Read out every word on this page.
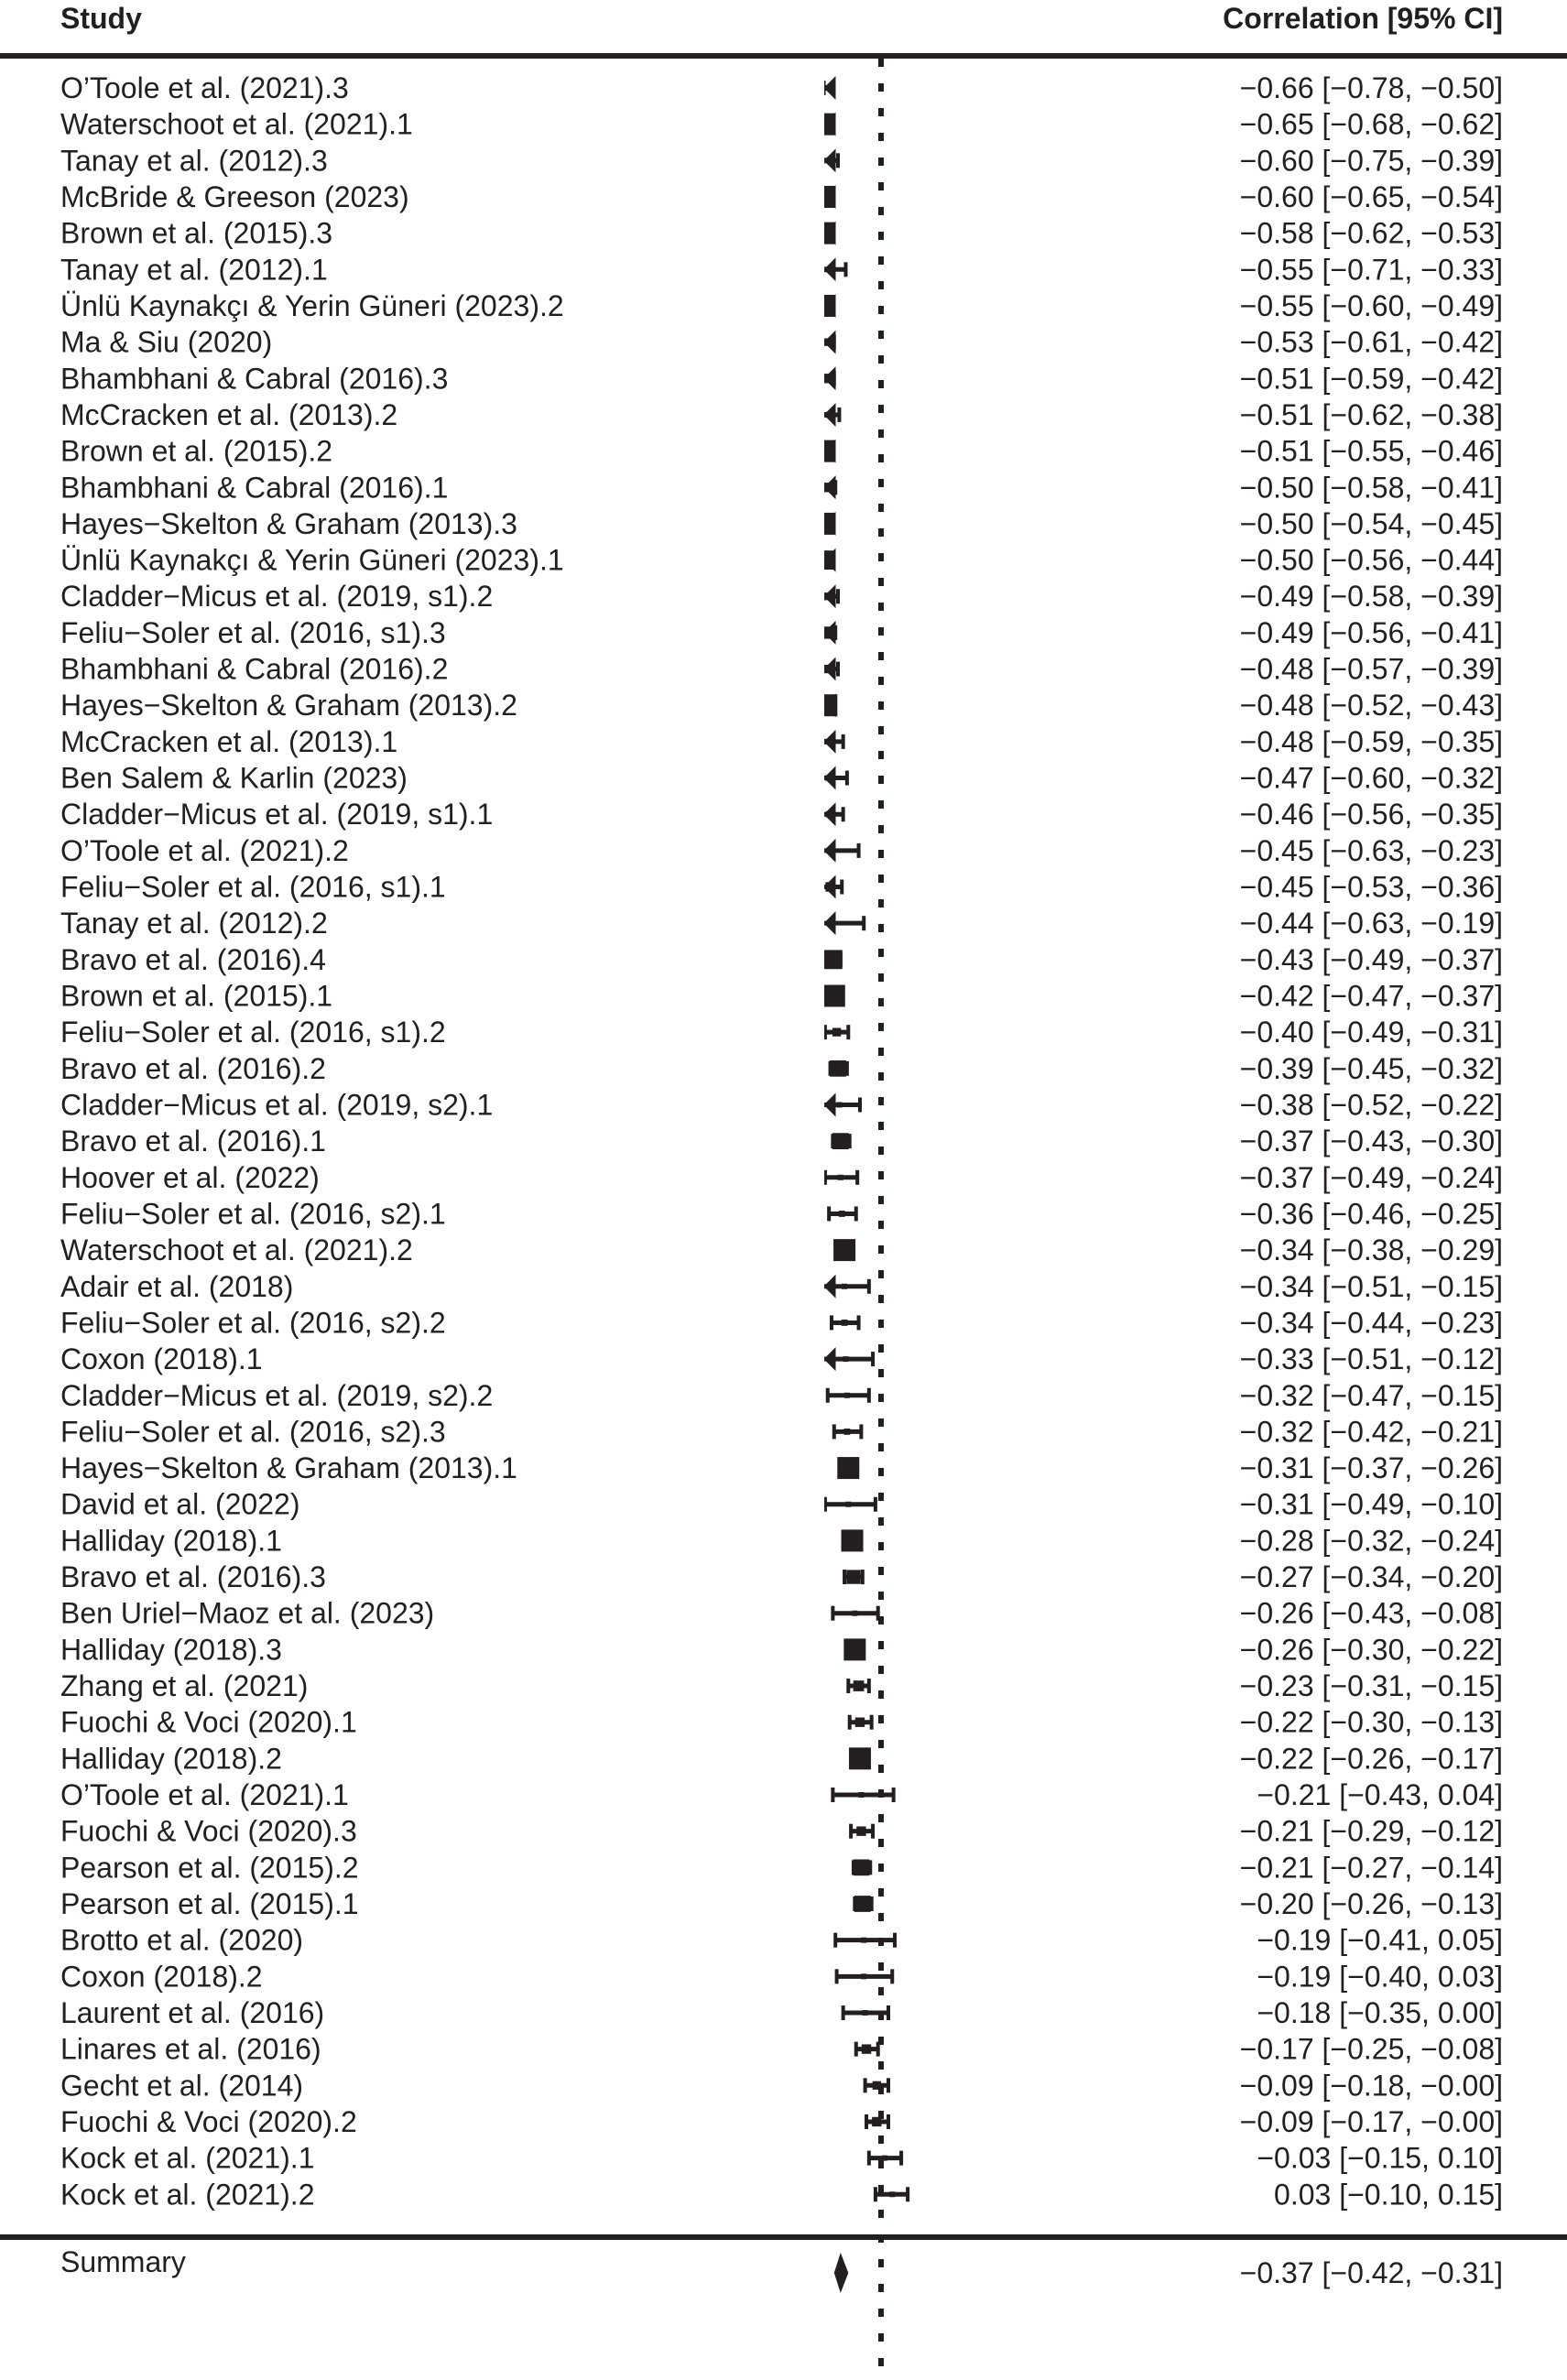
Study	Correlation [95% CI]
O’Toole et al. (2021).3	−0.66 [−0.78, −0.50]
Waterschoot et al. (2021).1	−0.65 [−0.68, −0.62]
Tanay et al. (2012).3	−0.60 [−0.75, −0.39]
McBride & Greeson (2023)	−0.60 [−0.65, −0.54]
Brown et al. (2015).3	−0.58 [−0.62, −0.53]
Tanay et al. (2012).1	−0.55 [−0.71, −0.33]
Ünlü Kaynakçı & Yerin Güneri (2023).2	−0.55 [−0.60, −0.49]
Ma & Siu (2020)	−0.53 [−0.61, −0.42]
Bhambhani & Cabral (2016).3	−0.51 [−0.59, −0.42]
McCracken et al. (2013).2	−0.51 [−0.62, −0.38]
Brown et al. (2015).2	−0.51 [−0.55, −0.46]
Bhambhani & Cabral (2016).1	−0.50 [−0.58, −0.41]
Hayes−Skelton & Graham (2013).3	−0.50 [−0.54, −0.45]
Ünlü Kaynakçı & Yerin Güneri (2023).1	−0.50 [−0.56, −0.44]
Cladder−Micus et al. (2019, s1).2	−0.49 [−0.58, −0.39]
Feliu−Soler et al. (2016, s1).3	−0.49 [−0.56, −0.41]
Bhambhani & Cabral (2016).2	−0.48 [−0.57, −0.39]
Hayes−Skelton & Graham (2013).2	−0.48 [−0.52, −0.43]
McCracken et al. (2013).1	−0.48 [−0.59, −0.35]
Ben Salem & Karlin (2023)	−0.47 [−0.60, −0.32]
Cladder−Micus et al. (2019, s1).1	−0.46 [−0.56, −0.35]
O’Toole et al. (2021).2	−0.45 [−0.63, −0.23]
Feliu−Soler et al. (2016, s1).1	−0.45 [−0.53, −0.36]
Tanay et al. (2012).2	−0.44 [−0.63, −0.19]
Bravo et al. (2016).4	−0.43 [−0.49, −0.37]
Brown et al. (2015).1	−0.42 [−0.47, −0.37]
Feliu−Soler et al. (2016, s1).2	−0.40 [−0.49, −0.31]
Bravo et al. (2016).2	−0.39 [−0.45, −0.32]
Cladder−Micus et al. (2019, s2).1	−0.38 [−0.52, −0.22]
Bravo et al. (2016).1	−0.37 [−0.43, −0.30]
Hoover et al. (2022)	−0.37 [−0.49, −0.24]
Feliu−Soler et al. (2016, s2).1	−0.36 [−0.46, −0.25]
Waterschoot et al. (2021).2	−0.34 [−0.38, −0.29]
Adair et al. (2018)	−0.34 [−0.51, −0.15]
Feliu−Soler et al. (2016, s2).2	−0.34 [−0.44, −0.23]
Coxon (2018).1	−0.33 [−0.51, −0.12]
Cladder−Micus et al. (2019, s2).2	−0.32 [−0.47, −0.15]
Feliu−Soler et al. (2016, s2).3	−0.32 [−0.42, −0.21]
Hayes−Skelton & Graham (2013).1	−0.31 [−0.37, −0.26]
David et al. (2022)	−0.31 [−0.49, −0.10]
Halliday (2018).1	−0.28 [−0.32, −0.24]
Bravo et al. (2016).3	−0.27 [−0.34, −0.20]
Ben Uriel−Maoz et al. (2023)	−0.26 [−0.43, −0.08]
Halliday (2018).3	−0.26 [−0.30, −0.22]
Zhang et al. (2021)	−0.23 [−0.31, −0.15]
Fuochi & Voci (2020).1	−0.22 [−0.30, −0.13]
Halliday (2018).2	−0.22 [−0.26, −0.17]
O’Toole et al. (2021).1	−0.21 [−0.43, 0.04]
Fuochi & Voci (2020).3	−0.21 [−0.29, −0.12]
Pearson et al. (2015).2	−0.21 [−0.27, −0.14]
Pearson et al. (2015).1	−0.20 [−0.26, −0.13]
Brotto et al. (2020)	−0.19 [−0.41, 0.05]
Coxon (2018).2	−0.19 [−0.40, 0.03]
Laurent et al. (2016)	−0.18 [−0.35, 0.00]
Linares et al. (2016)	−0.17 [−0.25, −0.08]
Gecht et al. (2014)	−0.09 [−0.18, −0.00]
Fuochi & Voci (2020).2	−0.09 [−0.17, −0.00]
Kock et al. (2021).1	−0.03 [−0.15, 0.10]
Kock et al. (2021).2	0.03 [−0.10, 0.15]
Summary	−0.37 [−0.42, −0.31]
